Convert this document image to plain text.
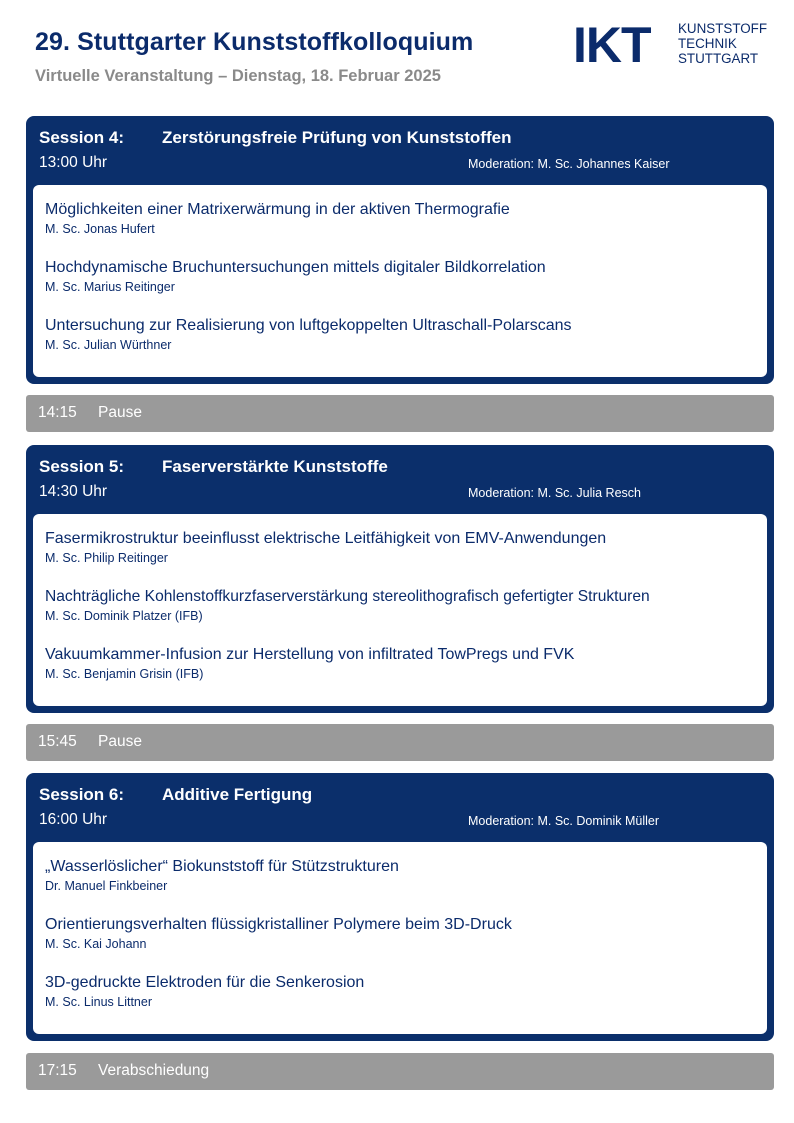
29. Stuttgarter Kunststoffkolloquium
Virtuelle Veranstaltung – Dienstag, 18. Februar 2025
IKT KUNSTSTOFF
TECHNIK
STUTTGART
Session 4: Zerstörungsfreie Prüfung von Kunststoffen
13:00 Uhr	Moderation: M. Sc. Johannes Kaiser
Möglichkeiten einer Matrixerwärmung in der aktiven Thermografie
M. Sc. Jonas Hufert
Hochdynamische Bruchuntersuchungen mittels digitaler Bildkorrelation
M. Sc. Marius Reitinger
Untersuchung zur Realisierung von luftgekoppelten Ultraschall-Polarscans
M. Sc. Julian Würthner
14:15 Pause
Session 5: Faserverstärkte Kunststoffe
14:30 Uhr	Moderation: M. Sc. Julia Resch
Fasermikrostruktur beeinflusst elektrische Leitfähigkeit von EMV-Anwendungen
M. Sc. Philip Reitinger
Nachträgliche Kohlenstoffkurzfaserverstärkung stereolithografisch gefertigter Strukturen
M. Sc. Dominik Platzer (IFB)
Vakuumkammer-Infusion zur Herstellung von infiltrated TowPregs und FVK
M. Sc. Benjamin Grisin (IFB)
15:45 Pause
Session 6: Additive Fertigung
16:00 Uhr	Moderation: M. Sc. Dominik Müller
„Wasserlöslicher“ Biokunststoff für Stützstrukturen
Dr. Manuel Finkbeiner
Orientierungsverhalten flüssigkristalliner Polymere beim 3D-Druck
M. Sc. Kai Johann
3D-gedruckte Elektroden für die Senkerosion
M. Sc. Linus Littner
17:15 Verabschiedung
